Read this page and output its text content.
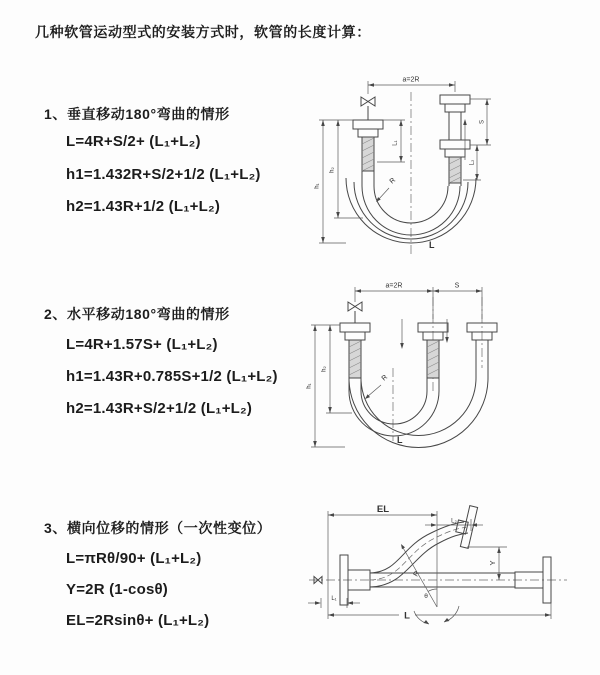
几种软管运动型式的安装方式时，软管的长度计算：
1、垂直移动180°弯曲的情形
L=4R+S/2+ (L₁+L₂)
h1=1.432R+S/2+1/2 (L₁+L₂)
h2=1.43R+1/2 (L₁+L₂)
a=2R
L₁
S
L₂
h₂
h₁
R
L
2、水平移动180°弯曲的情形
L=4R+1.57S+ (L₁+L₂)
h1=1.43R+0.785S+1/2 (L₁+L₂)
h2=1.43R+S/2+1/2 (L₁+L₂)
a=2R	S
h₂
h₁
R
L
3、横向位移的情形（一次性变位）
L=πRθ/90+ (L₁+L₂)
Y=2R (1-cosθ)
EL=2Rsinθ+ (L₁+L₂)
EL
L₂
Y
R
θ
L₁
L
